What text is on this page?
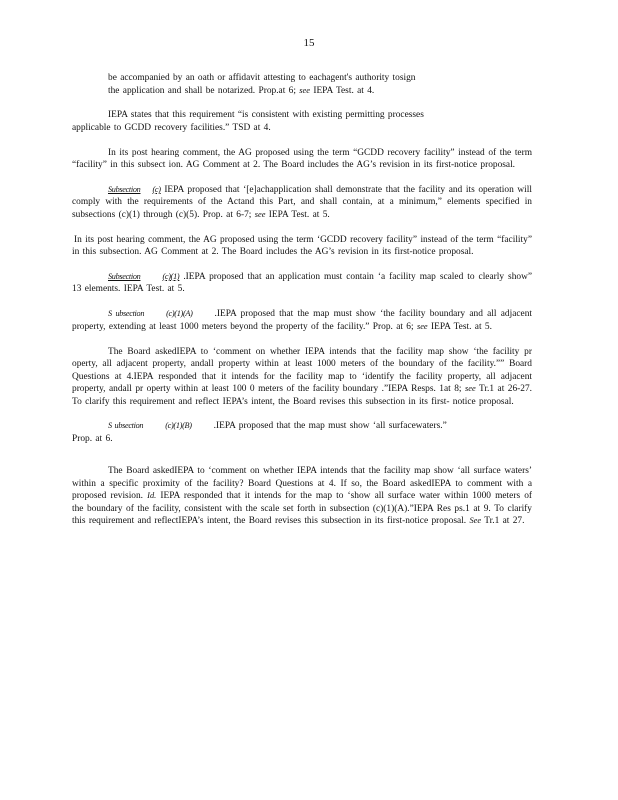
15

be accompanied by an oath or affidavit attesting to eachagent's authority tosign
the application and shall be notarized. Prop.at 6; see IEPA Test. at 4.

IEPA states that this requirement “is consistent with existing permitting processes
applicable to GCDD recovery facilities.” TSD at 4.

In its post hearing comment, the AG proposed using the term “GCDD recovery facility” instead of the term “facility” in this subsect ion. AG Comment at 2. The Board includes the AG’s revision in its first-notice proposal.

Subsection (c) IEPA proposed that ‘[e]achapplication shall demonstrate that the facility and its operation will comply with the requirements of the Actand this Part, and shall contain, at a minimum,” elements specified in subsections (c)(1) through (c)(5). Prop. at 6-7; see IEPA Test. at 5.

In its post hearing comment, the AG proposed using the term ‘GCDD recovery facility” instead of the term “facility” in this subsection. AG Comment at 2. The Board includes the AG’s revision in its first-notice proposal.

Subsection	(c)(1) .IEPA proposed that an application must contain ‘a facility map scaled to clearly show” 13 elements. IEPA Test. at 5.

S ubsection	(c)(1)(A) .IEPA proposed that the map must show ‘the facility boundary and all adjacent property, extending at least 1000 meters beyond the property of the facility.” Prop. at 6; see IEPA Test. at 5.

The Board askedIEPA to ‘comment on whether IEPA intends that the facility map show ‘the facility pr operty, all adjacent property, andall property within at least 1000 meters of the boundary of the facility.”” Board Questions at 4.IEPA responded that it intends for the facility map to ‘identify the facility property, all adjacent property, andall pr operty within at least 100 0 meters of the facility boundary .”IEPA Resps. 1at 8; see Tr.1 at 26-27. To clarify this requirement and reflect IEPA’s intent, the Board revises this subsection in its first- notice proposal.

S ubsection	(c)(1)(B) .IEPA proposed that the map must show ‘all surfacewaters.”
Prop. at 6.

The Board askedIEPA to ‘comment on whether IEPA intends that the facility map show ‘all surface waters’ within a specific proximity of the facility? Board Questions at 4. If so, the Board askedIEPA to comment with a proposed revision. Id. IEPA responded that it intends for the map to ‘show all surface water within 1000 meters of the boundary of the facility, consistent with the scale set forth in subsection (c)(1)(A).”IEPA Res ps.1 at 9. To clarify this requirement and reflectIEPA’s intent, the Board revises this subsection in its first-notice proposal. See Tr.1 at 27.
